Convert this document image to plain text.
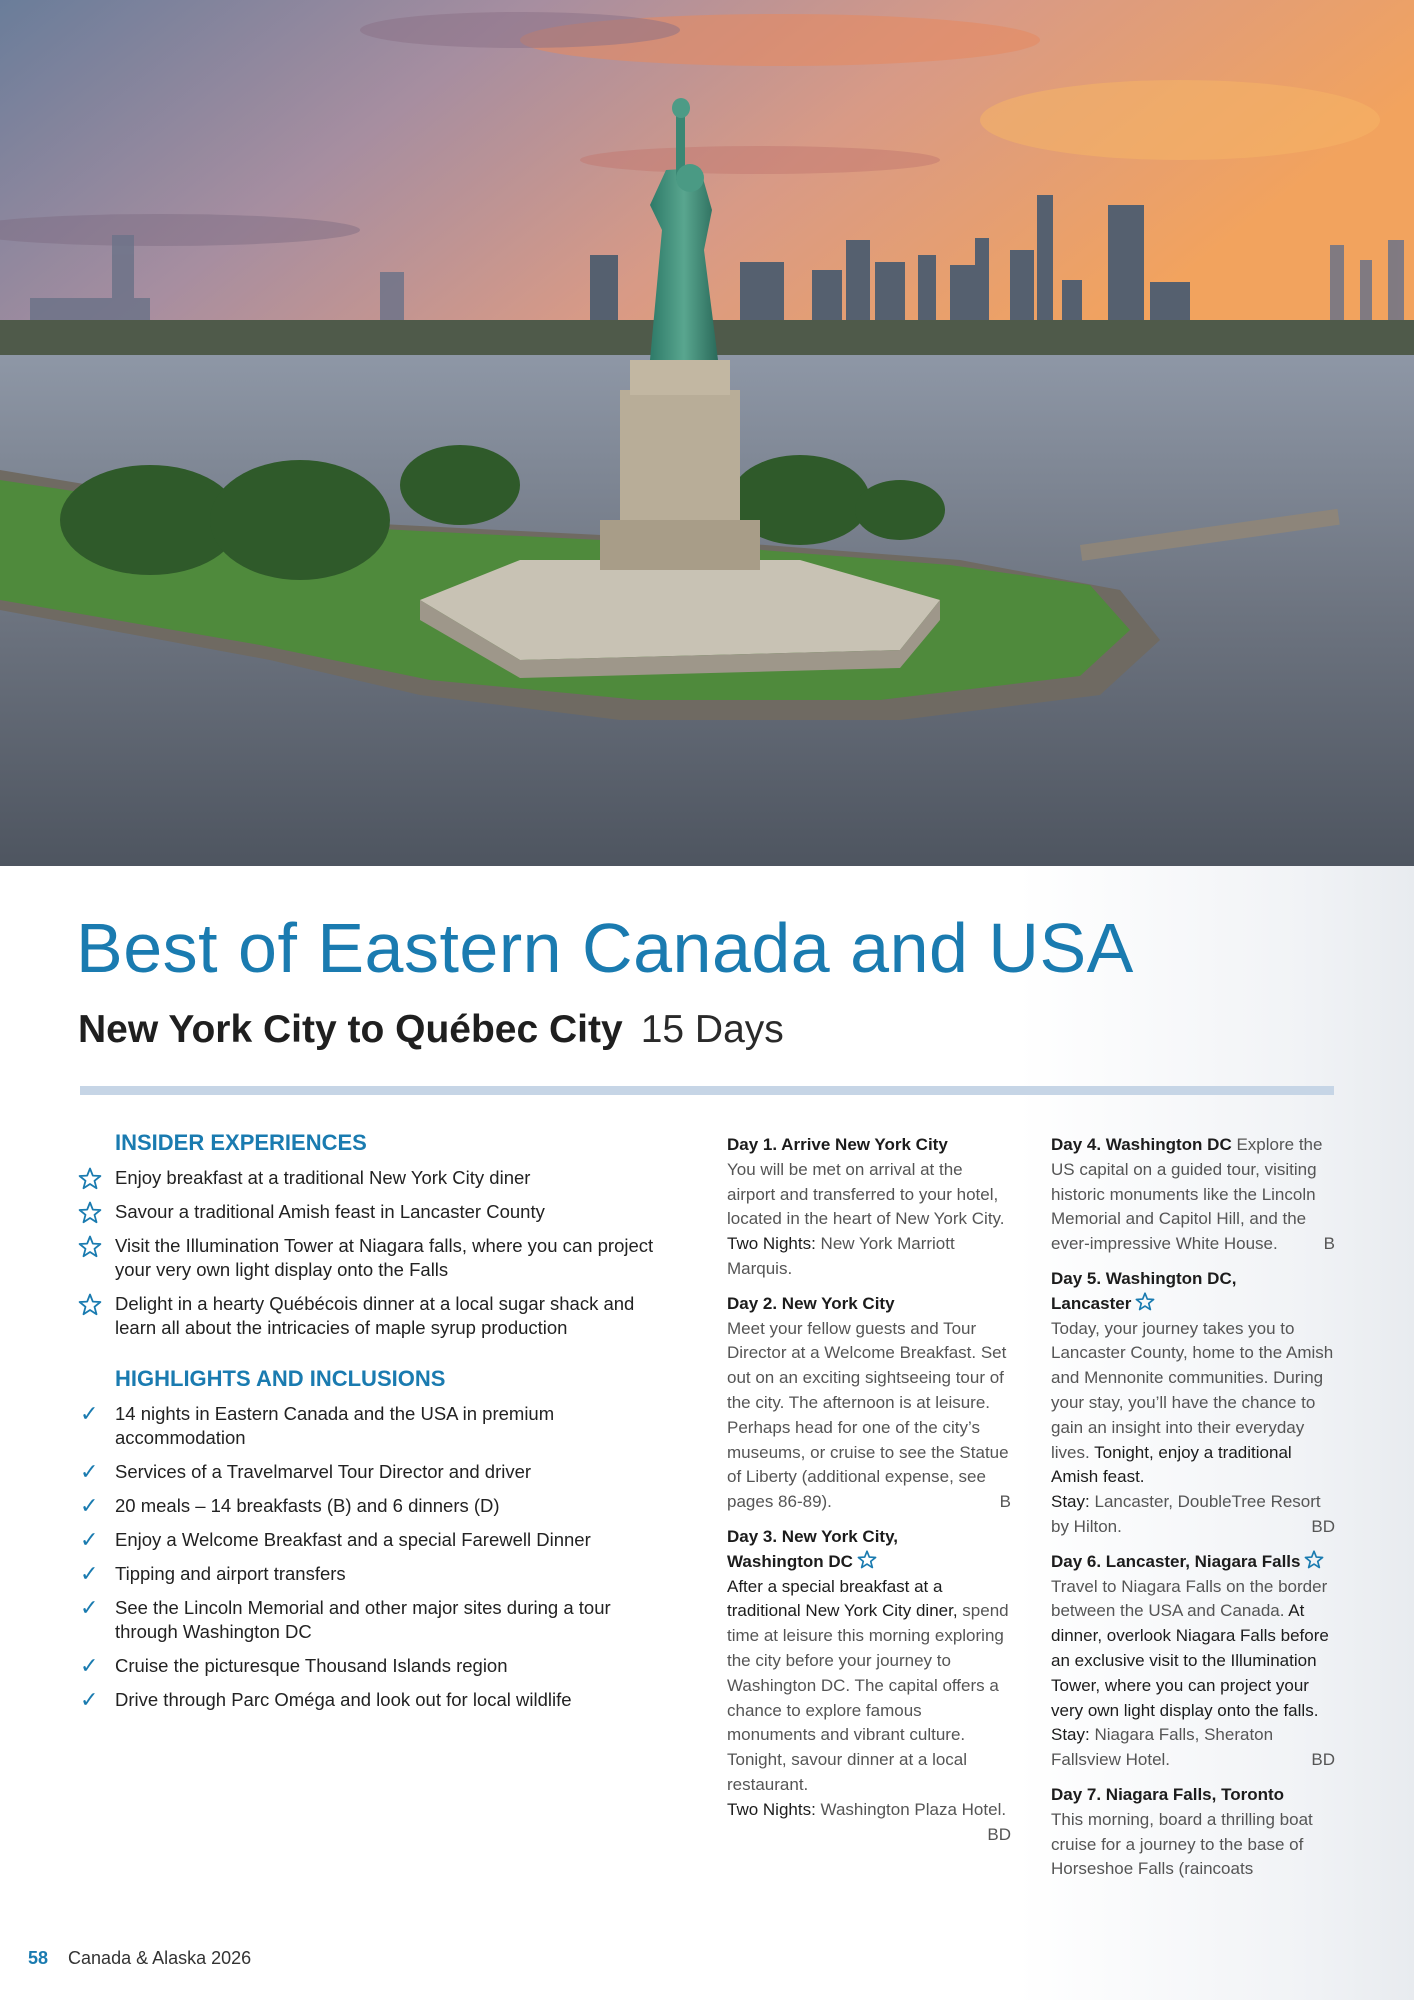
Best of Eastern Canada and USA
New York City to Québec City 15 Days
INSIDER EXPERIENCES
Enjoy breakfast at a traditional New York City diner
Savour a traditional Amish feast in Lancaster County
Visit the Illumination Tower at Niagara falls, where you can project your very own light display onto the Falls
Delight in a hearty Québécois dinner at a local sugar shack and learn all about the intricacies of maple syrup production
HIGHLIGHTS AND INCLUSIONS
✓ 14 nights in Eastern Canada and the USA in premium accommodation
✓ Services of a Travelmarvel Tour Director and driver
✓ 20 meals – 14 breakfasts (B) and 6 dinners (D)
✓ Enjoy a Welcome Breakfast and a special Farewell Dinner
✓ Tipping and airport transfers
✓ See the Lincoln Memorial and other major sites during a tour through Washington DC
✓ Cruise the picturesque Thousand Islands region
✓ Drive through Parc Oméga and look out for local wildlife
Day 1. Arrive New York City
You will be met on arrival at the airport and transferred to your hotel, located in the heart of New York City.
Two Nights: New York Marriott Marquis.
Day 2. New York City
Meet your fellow guests and Tour Director at a Welcome Breakfast. Set out on an exciting sightseeing tour of the city. The afternoon is at leisure. Perhaps head for one of the city’s museums, or cruise to see the Statue of Liberty (additional expense, see pages 86-89).	B
Day 3. New York City,
Washington DC
After a special breakfast at a traditional New York City diner, spend time at leisure this morning exploring the city before your journey to Washington DC. The capital offers a chance to explore famous monuments and vibrant culture. Tonight, savour dinner at a local restaurant.
Two Nights: Washington Plaza Hotel.
BD
Day 4. Washington DC Explore the US capital on a guided tour, visiting historic monuments like the Lincoln Memorial and Capitol Hill, and the ever-impressive White House.	B
Day 5. Washington DC,
Lancaster
Today, your journey takes you to Lancaster County, home to the Amish and Mennonite communities. During your stay, you’ll have the chance to gain an insight into their everyday lives. Tonight, enjoy a traditional Amish feast.
Stay: Lancaster, DoubleTree Resort by Hilton.	BD
Day 6. Lancaster, Niagara Falls
Travel to Niagara Falls on the border between the USA and Canada. At dinner, overlook Niagara Falls before an exclusive visit to the Illumination Tower, where you can project your very own light display onto the falls.
Stay: Niagara Falls, Sheraton Fallsview Hotel.	BD
Day 7. Niagara Falls, Toronto
This morning, board a thrilling boat cruise for a journey to the base of Horseshoe Falls (raincoats
58 Canada & Alaska 2026
